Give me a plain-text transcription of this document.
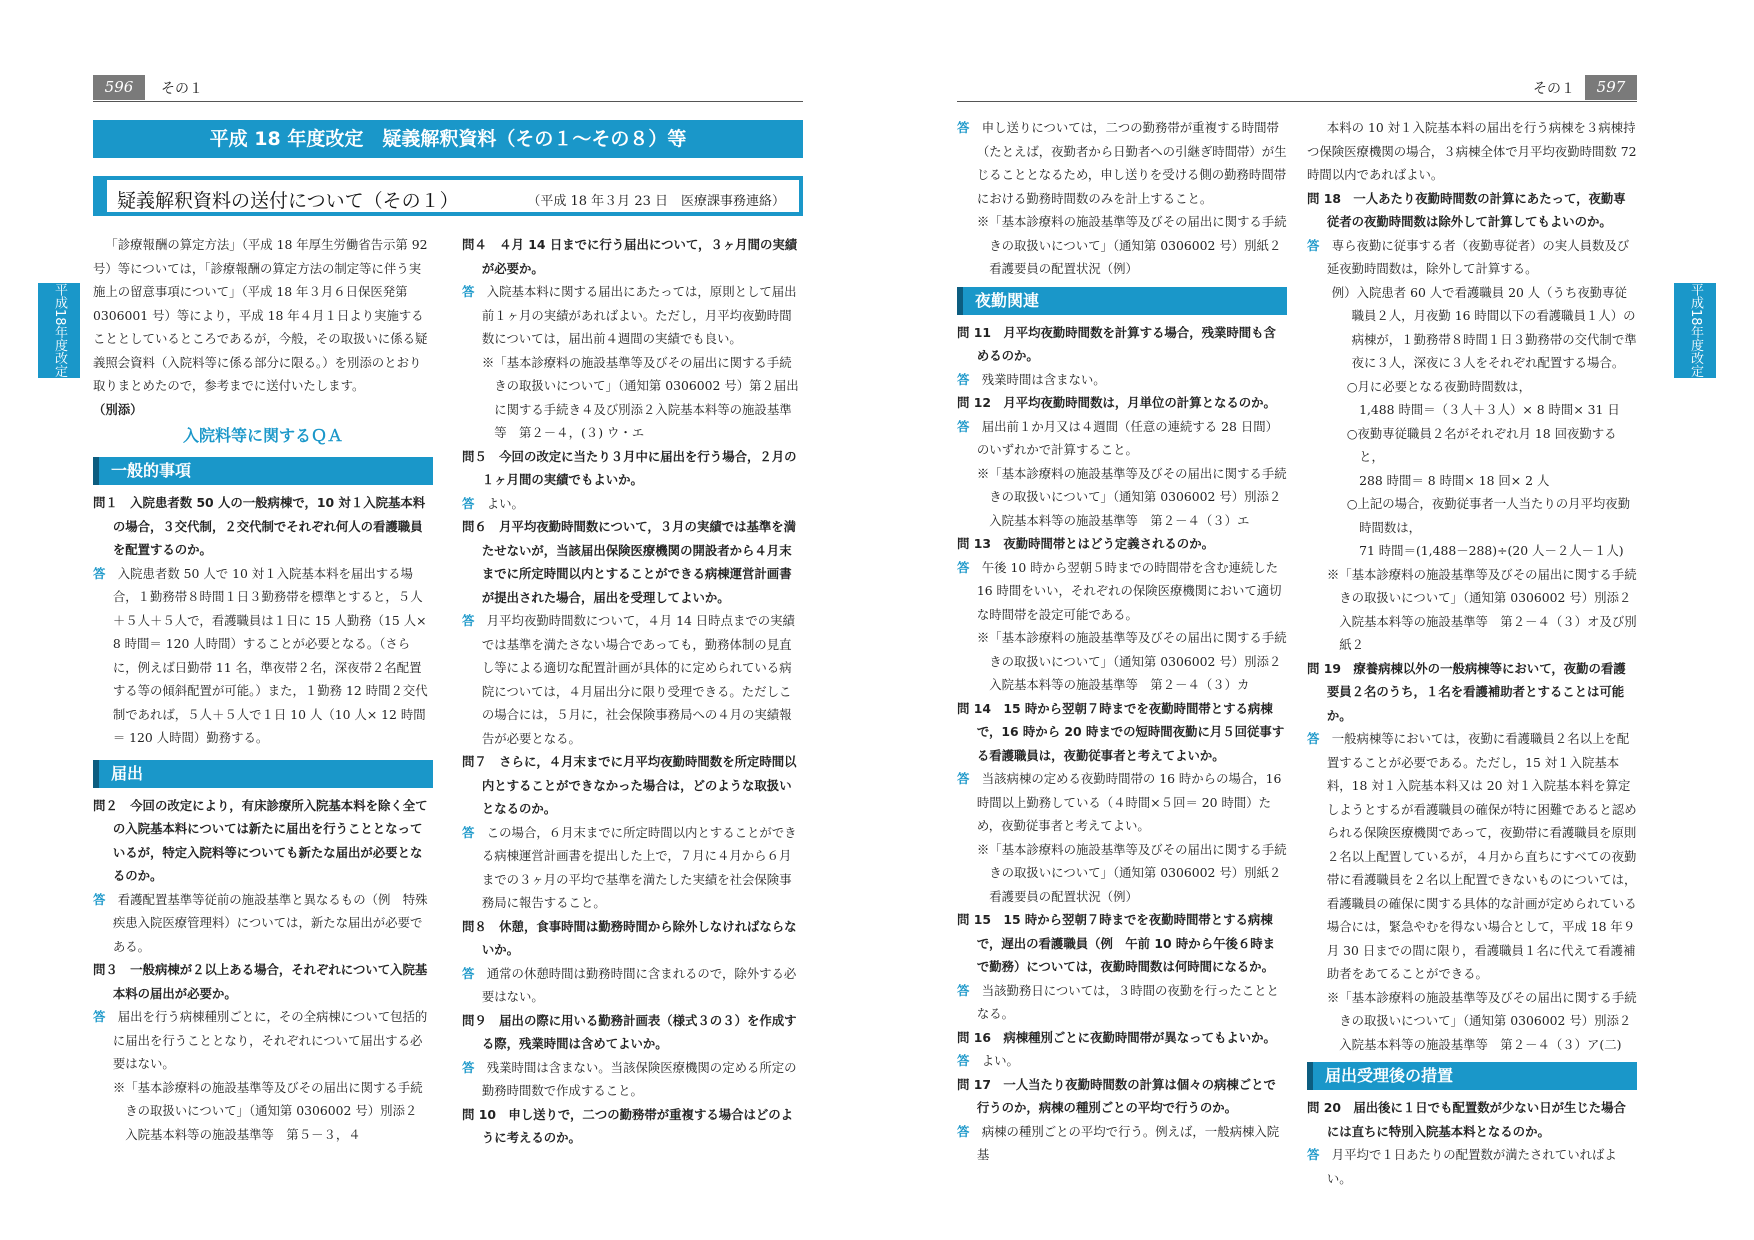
596	その１
平成18年度改定
平成 18 年度改定　疑義解釈資料（その１～その８）等
疑義解釈資料の送付について（その１）	（平成 18 年３月 23 日　医療課事務連絡）

「診療報酬の算定方法」（平成 18 年厚生労働省告示第 92 号）等については，「診療報酬の算定方法の制定等に伴う実施上の留意事項について」（平成 18 年３月６日保医発第 0306001 号）等により，平成 18 年４月１日より実施することとしているところであるが，今般，その取扱いに係る疑義照会資料（入院料等に係る部分に限る。）を別添のとおり取りまとめたので，参考までに送付いたします。

（別添）

入院料等に関するＱＡ

一般的事項

問１　入院患者数 50 人の一般病棟で，10 対１入院基本料の場合，３交代制，２交代制でそれぞれ何人の看護職員を配置するのか。

答　 入院患者数 50 人で 10 対１入院基本料を届出する場合，１勤務帯８時間１日３勤務帯を標準とすると，５人＋５人＋５人で，看護職員は１日に 15 人勤務（15 人× 8 時間＝ 120 人時間）することが必要となる。（さらに，例えば日勤帯 11 名，準夜帯２名，深夜帯２名配置する等の傾斜配置が可能。）また，１勤務 12 時間２交代制であれば，５人＋５人で１日 10 人（10 人× 12 時間＝ 120 人時間）勤務する。

届出

問２　今回の改定により，有床診療所入院基本料を除く全ての入院基本料については新たに届出を行うこととなっているが，特定入院料等についても新たな届出が必要となるのか。

答　 看護配置基準等従前の施設基準と異なるもの（例　特殊疾患入院医療管理料）については，新たな届出が必要である。

問３　一般病棟が２以上ある場合，それぞれについて入院基本料の届出が必要か。

答　 届出を行う病棟種別ごとに，その全病棟について包括的に届出を行うこととなり，それぞれについて届出する必要はない。

※「基本診療料の施設基準等及びその届出に関する手続きの取扱いについて」（通知第 0306002 号）別添２　入院基本料等の施設基準等　第５－３，４

問４　４月 14 日までに行う届出について，３ヶ月間の実績が必要か。

答　 入院基本料に関する届出にあたっては，原則として届出前１ヶ月の実績があればよい。ただし，月平均夜勤時間数については，届出前４週間の実績でも良い。

※「基本診療料の施設基準等及びその届出に関する手続きの取扱いについて」（通知第 0306002 号）第２届出に関する手続き４及び別添２入院基本料等の施設基準等　第２－４，(３) ウ・エ

問５　今回の改定に当たり３月中に届出を行う場合，２月の１ヶ月間の実績でもよいか。

答　 よい。

問６　月平均夜勤時間数について，３月の実績では基準を満たせないが，当該届出保険医療機関の開設者から４月末までに所定時間以内とすることができる病棟運営計画書が提出された場合，届出を受理してよいか。

答　 月平均夜勤時間数について，４月 14 日時点までの実績では基準を満たさない場合であっても，勤務体制の見直し等による適切な配置計画が具体的に定められている病院については，４月届出分に限り受理できる。ただしこの場合には，５月に，社会保険事務局への４月の実績報告が必要となる。

問７　さらに，４月末までに月平均夜勤時間数を所定時間以内とすることができなかった場合は，どのような取扱いとなるのか。

答　 この場合，６月末までに所定時間以内とすることができる病棟運営計画書を提出した上で，７月に４月から６月までの３ヶ月の平均で基準を満たした実績を社会保険事務局に報告すること。

問８　休憩，食事時間は勤務時間から除外しなければならないか。

答　 通常の休憩時間は勤務時間に含まれるので，除外する必要はない。

問９　届出の際に用いる勤務計画表（様式３の３）を作成する際，残業時間は含めてよいか。

答　 残業時間は含まない。当該保険医療機関の定める所定の勤務時間数で作成すること。

問 10　申し送りで，二つの勤務帯が重複する場合はどのように考えるのか。

その１	597

答　 申し送りについては，二つの勤務帯が重複する時間帯（たとえば，夜勤者から日勤者への引継ぎ時間帯）が生じることとなるため，申し送りを受ける側の勤務時間帯における勤務時間数のみを計上すること。

※「基本診療料の施設基準等及びその届出に関する手続きの取扱いについて」（通知第 0306002 号）別紙２　看護要員の配置状況（例）

夜勤関連

問 11　月平均夜勤時間数を計算する場合，残業時間も含めるのか。

答　 残業時間は含まない。

問 12　月平均夜勤時間数は，月単位の計算となるのか。

答　 届出前１か月又は４週間（任意の連続する 28 日間）のいずれかで計算すること。

※「基本診療料の施設基準等及びその届出に関する手続きの取扱いについて」（通知第 0306002 号）別添２　入院基本料等の施設基準等　第２－４（３）エ

問 13　夜勤時間帯とはどう定義されるのか。

答　 午後 10 時から翌朝５時までの時間帯を含む連続した 16 時間をいい，それぞれの保険医療機関において適切な時間帯を設定可能である。

※「基本診療料の施設基準等及びその届出に関する手続きの取扱いについて」（通知第 0306002 号）別添２　入院基本料等の施設基準等　第２－４（３）カ

問 14　15 時から翌朝７時までを夜勤時間帯とする病棟で，16 時から 20 時までの短時間夜勤に月５回従事する看護職員は，夜勤従事者と考えてよいか。

答　 当該病棟の定める夜勤時間帯の 16 時からの場合，16 時間以上勤務している（４時間×５回＝ 20 時間）ため，夜勤従事者と考えてよい。

※「基本診療料の施設基準等及びその届出に関する手続きの取扱いについて」（通知第 0306002 号）別紙２　看護要員の配置状況（例）

問 15　15 時から翌朝７時までを夜勤時間帯とする病棟で，遅出の看護職員（例　午前 10 時から午後６時まで勤務）については，夜勤時間数は何時間になるか。

答　 当該勤務日については，３時間の夜勤を行ったこととなる。

問 16　病棟種別ごとに夜勤時間帯が異なってもよいか。

答　 よい。

問 17　一人当たり夜勤時間数の計算は個々の病棟ごとで行うのか，病棟の種別ごとの平均で行うのか。

答　 病棟の種別ごとの平均で行う。例えば，一般病棟入院基

本料の 10 対１入院基本料の届出を行う病棟を３病棟持つ保険医療機関の場合，３病棟全体で月平均夜勤時間数 72 時間以内であればよい。

問 18　一人あたり夜勤時間数の計算にあたって，夜勤専従者の夜勤時間数は除外して計算してもよいのか。

答　 専ら夜勤に従事する者（夜勤専従者）の実人員数及び延夜勤時間数は，除外して計算する。

例）入院患者 60 人で看護職員 20 人（うち夜勤専従職員２人，月夜勤 16 時間以下の看護職員１人）の病棟が，１勤務帯８時間１日３勤務帯の交代制で準夜に３人，深夜に３人をそれぞれ配置する場合。

○月に必要となる夜勤時間数は，

1,488 時間＝（３人＋３人）× 8 時間× 31 日

○夜勤専従職員２名がそれぞれ月 18 回夜勤すると，

288 時間＝ 8 時間× 18 回× 2 人

○上記の場合，夜勤従事者一人当たりの月平均夜勤時間数は，

71 時間＝(1,488－288)÷(20 人－２人－１人)

※「基本診療料の施設基準等及びその届出に関する手続きの取扱いについて」（通知第 0306002 号）別添２入院基本料等の施設基準等　第２－４（３）オ及び別紙２

問 19　療養病棟以外の一般病棟等において，夜勤の看護要員２名のうち，１名を看護補助者とすることは可能か。

答　 一般病棟等においては，夜勤に看護職員２名以上を配置することが必要である。ただし，15 対１入院基本料，18 対１入院基本料又は 20 対１入院基本料を算定しようとするが看護職員の確保が特に困難であると認められる保険医療機関であって，夜勤帯に看護職員を原則２名以上配置しているが，４月から直ちにすべての夜勤帯に看護職員を２名以上配置できないものについては，看護職員の確保に関する具体的な計画が定められている場合には，緊急やむを得ない場合として，平成 18 年９月 30 日までの間に限り，看護職員１名に代えて看護補助者をあてることができる。

※「基本診療料の施設基準等及びその届出に関する手続きの取扱いについて」（通知第 0306002 号）別添２　入院基本料等の施設基準等　第２－４（３）ア(二)

届出受理後の措置

問 20　届出後に１日でも配置数が少ない日が生じた場合には直ちに特別入院基本料となるのか。

答　 月平均で１日あたりの配置数が満たされていればよい。

平成18年度改定
